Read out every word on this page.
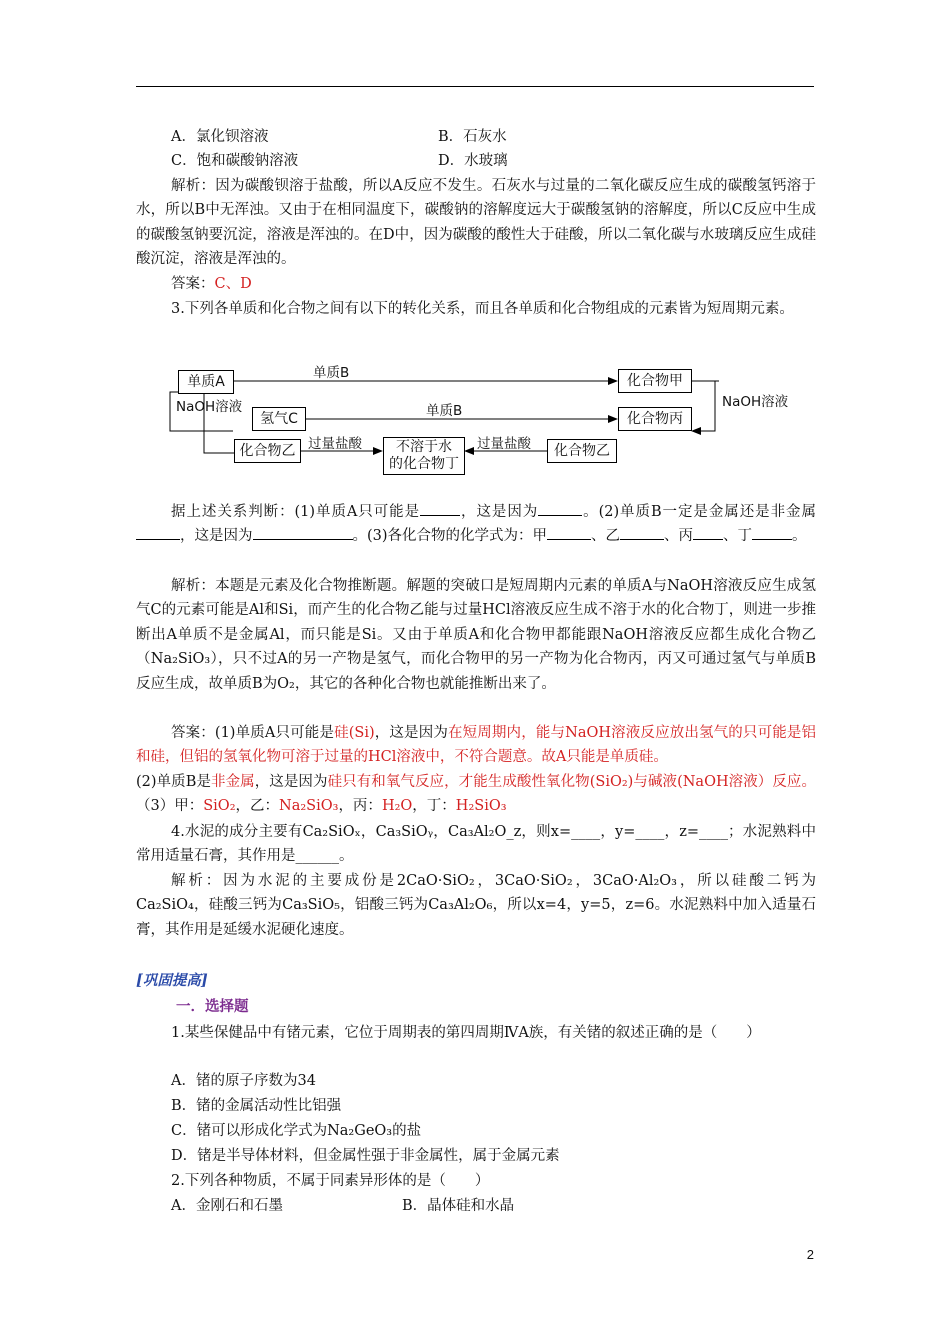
A．氯化钡溶液	B．石灰水
C．饱和碳酸钠溶液	D．水玻璃
解析：因为碳酸钡溶于盐酸，所以A反应不发生。石灰水与过量的二氧化碳反应生成的碳酸氢钙溶于水，所以B中无浑浊。又由于在相同温度下，碳酸钠的溶解度远大于碳酸氢钠的溶解度，所以C反应中生成的碳酸氢钠要沉淀，溶液是浑浊的。在D中，因为碳酸的酸性大于硅酸，所以二氧化碳与水玻璃反应生成硅酸沉淀，溶液是浑浊的。
答案：C、D
3.下列各单质和化合物之间有以下的转化关系，而且各单质和化合物组成的元素皆为短周期元素。
单质A	化合物甲
化合物丙
氢气C
化合物乙	化合物乙
不溶于水
的化合物丁
单质B
单质B
NaOH溶液	NaOH溶液
过量盐酸	过量盐酸
据上述关系判断：(1)单质A只可能是	，这是因为	。(2)单质B一定是金属还是非金属，这是因为	。(3)各化合物的化学式为：甲	、乙	、丙 、丁	。
解析：本题是元素及化合物推断题。解题的突破口是短周期内元素的单质A与NaOH溶液反应生成氢气C的元素可能是Al和Si，而产生的化合物乙能与过量HCl溶液反应生成不溶于水的化合物丁，则进一步推断出A单质不是金属Al，而只能是Si。又由于单质A和化合物甲都能跟NaOH溶液反应都生成化合物乙（Na₂SiO₃），只不过A的另一产物是氢气，而化合物甲的另一产物为化合物丙，丙又可通过氢气与单质B反应生成，故单质B为O₂，其它的各种化合物也就能推断出来了。
答案：(1)单质A只可能是硅(Si)，这是因为在短周期内，能与NaOH溶液反应放出氢气的只可能是铝和硅，但铝的氢氧化物可溶于过量的HCl溶液中，不符合题意。故A只能是单质硅。
(2)单质B是非金属，这是因为硅只有和氧气反应，才能生成酸性氧化物(SiO₂)与碱液(NaOH溶液）反应。（3）甲：SiO₂，乙：Na₂SiO₃，丙：H₂O，丁：H₂SiO₃
4.水泥的成分主要有Ca₂SiOₓ，Ca₃SiOᵧ，Ca₃Al₂O_z，则x=____，y=____，z=____；水泥熟料中常用适量石膏，其作用是______。
解析：因为水泥的主要成份是2CaO·SiO₂，3CaO·SiO₂，3CaO·Al₂O₃，所以硅酸二钙为Ca₂SiO₄，硅酸三钙为Ca₃SiO₅，铝酸三钙为Ca₃Al₂O₆，所以x=4，y=5，z=6。水泥熟料中加入适量石膏，其作用是延缓水泥硬化速度。
[巩固提高]
一．选择题
1.某些保健品中有锗元素，它位于周期表的第四周期ⅣA族，有关锗的叙述正确的是（　　）
A．锗的原子序数为34
B．锗的金属活动性比铝强
C．锗可以形成化学式为Na₂GeO₃的盐
D．锗是半导体材料，但金属性强于非金属性，属于金属元素
2.下列各种物质，不属于同素异形体的是（　　）
A．金刚石和石墨	B．晶体硅和水晶
2
